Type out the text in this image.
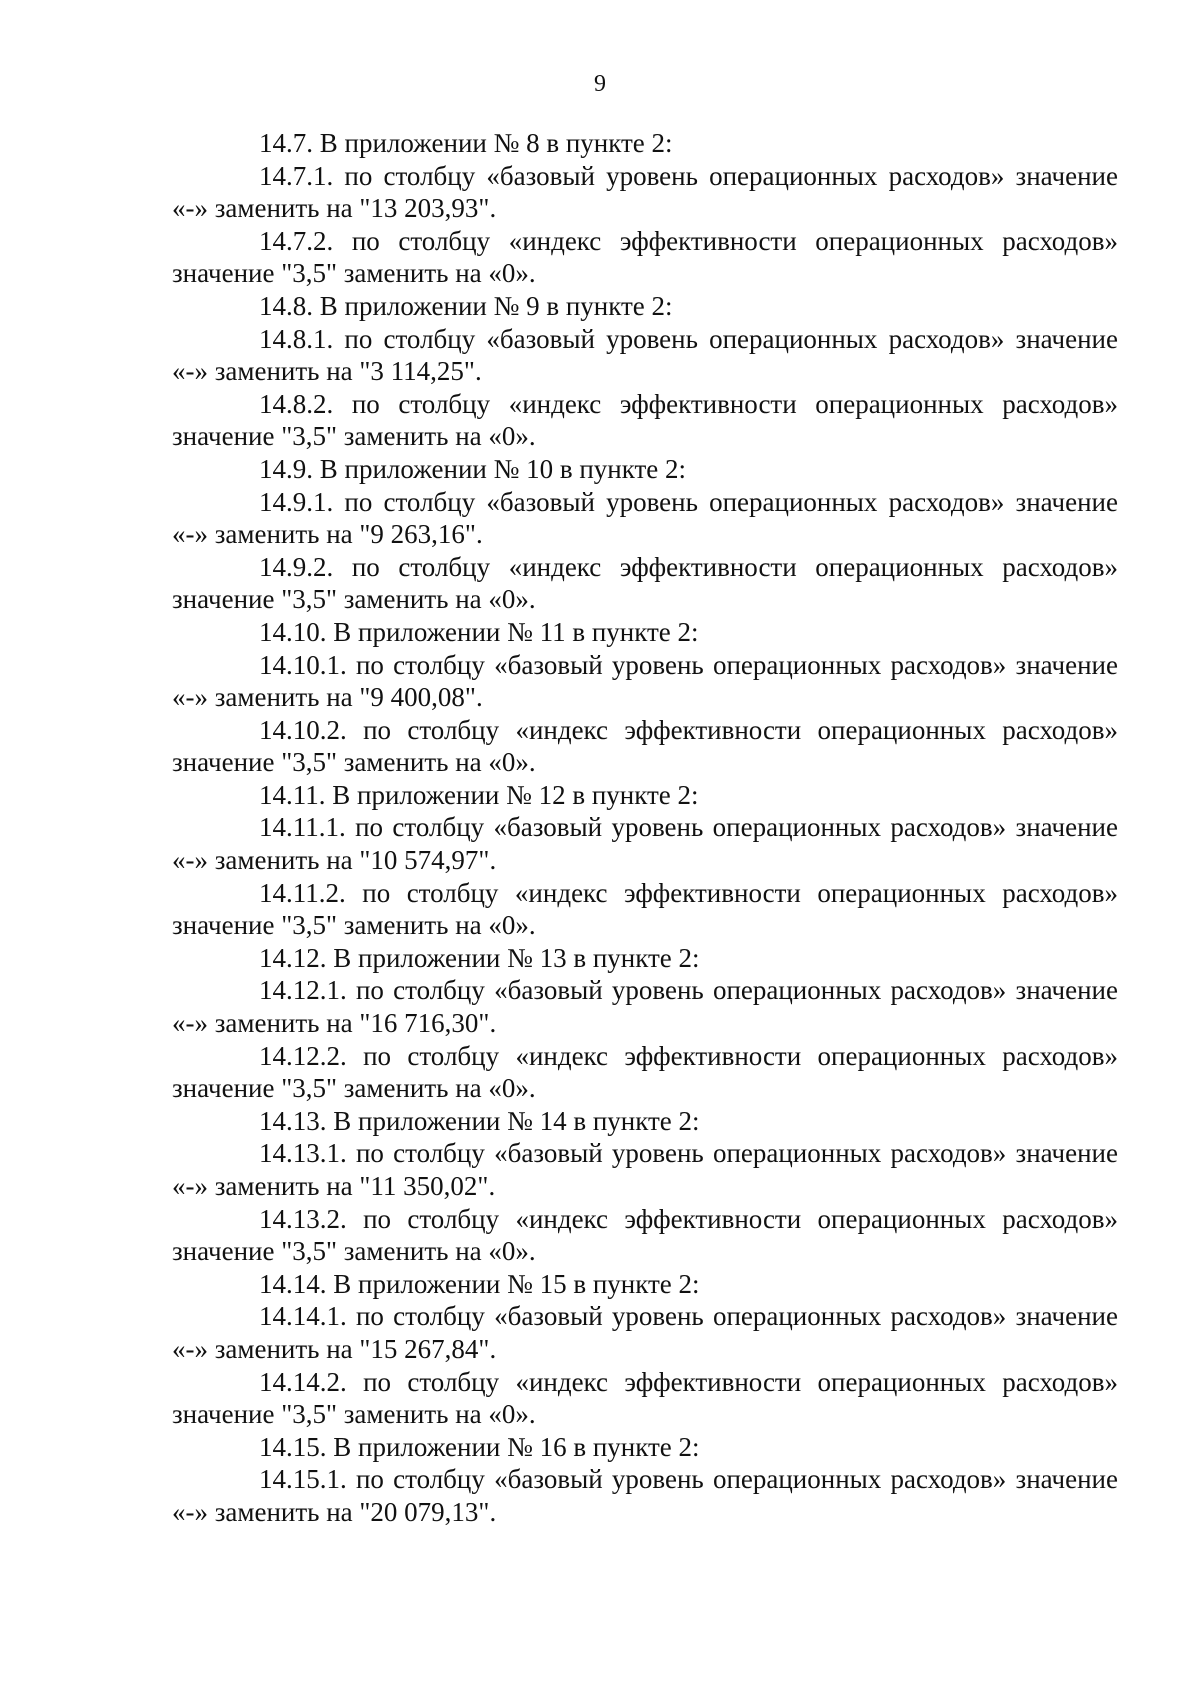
9

14.7. В приложении № 8 в пункте 2:

14.7.1. по столбцу «базовый уровень операционных расходов» значение «-» заменить на "13 203,93".

14.7.2. по столбцу «индекс эффективности операционных расходов» значение "3,5" заменить на «0».

14.8. В приложении № 9 в пункте 2:

14.8.1. по столбцу «базовый уровень операционных расходов» значение «-» заменить на "3 114,25".

14.8.2. по столбцу «индекс эффективности операционных расходов» значение "3,5" заменить на «0».

14.9. В приложении № 10 в пункте 2:

14.9.1. по столбцу «базовый уровень операционных расходов» значение «-» заменить на "9 263,16".

14.9.2. по столбцу «индекс эффективности операционных расходов» значение "3,5" заменить на «0».

14.10. В приложении № 11 в пункте 2:

14.10.1. по столбцу «базовый уровень операционных расходов» значение «-» заменить на "9 400,08".

14.10.2. по столбцу «индекс эффективности операционных расходов» значение "3,5" заменить на «0».

14.11. В приложении № 12 в пункте 2:

14.11.1. по столбцу «базовый уровень операционных расходов» значение «-» заменить на "10 574,97".

14.11.2. по столбцу «индекс эффективности операционных расходов» значение "3,5" заменить на «0».

14.12. В приложении № 13 в пункте 2:

14.12.1. по столбцу «базовый уровень операционных расходов» значение «-» заменить на "16 716,30".

14.12.2. по столбцу «индекс эффективности операционных расходов» значение "3,5" заменить на «0».

14.13. В приложении № 14 в пункте 2:

14.13.1. по столбцу «базовый уровень операционных расходов» значение «-» заменить на "11 350,02".

14.13.2. по столбцу «индекс эффективности операционных расходов» значение "3,5" заменить на «0».

14.14. В приложении № 15 в пункте 2:

14.14.1. по столбцу «базовый уровень операционных расходов» значение «-» заменить на "15 267,84".

14.14.2. по столбцу «индекс эффективности операционных расходов» значение "3,5" заменить на «0».

14.15. В приложении № 16 в пункте 2:

14.15.1. по столбцу «базовый уровень операционных расходов» значение «-» заменить на "20 079,13".
